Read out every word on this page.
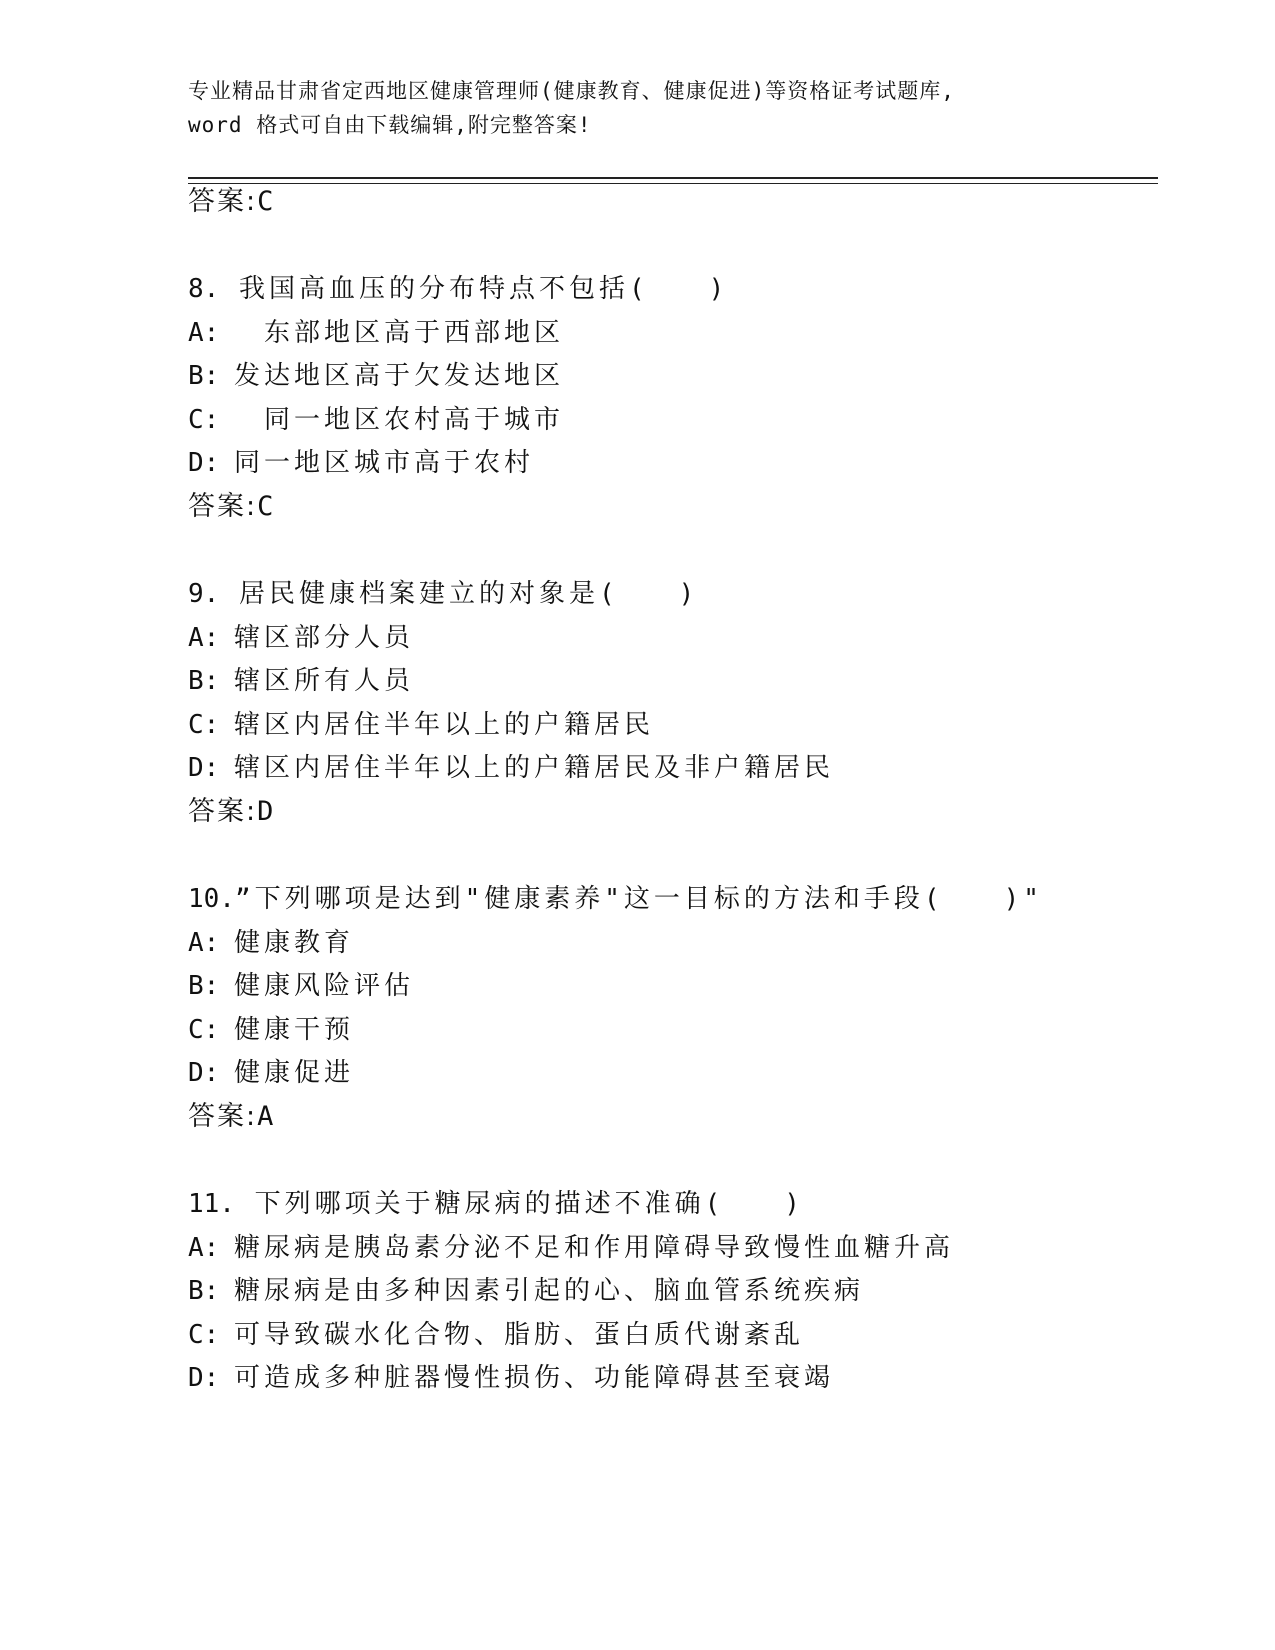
专业精品甘肃省定西地区健康管理师(健康教育、健康促进)等资格证考试题库,
word 格式可自由下载编辑,附完整答案!
答案:C
8. 我国高血压的分布特点不包括(　　)
A:　东部地区高于西部地区
B: 发达地区高于欠发达地区
C:　同一地区农村高于城市
D: 同一地区城市高于农村
答案:C
9. 居民健康档案建立的对象是(　　)
A: 辖区部分人员
B: 辖区所有人员
C: 辖区内居住半年以上的户籍居民
D: 辖区内居住半年以上的户籍居民及非户籍居民
答案:D
10.”下列哪项是达到"健康素养"这一目标的方法和手段(　　)"
A: 健康教育
B: 健康风险评估
C: 健康干预
D: 健康促进
答案:A
11. 下列哪项关于糖尿病的描述不准确(　　)
A: 糖尿病是胰岛素分泌不足和作用障碍导致慢性血糖升高
B: 糖尿病是由多种因素引起的心、脑血管系统疾病
C: 可导致碳水化合物、脂肪、蛋白质代谢紊乱
D: 可造成多种脏器慢性损伤、功能障碍甚至衰竭
